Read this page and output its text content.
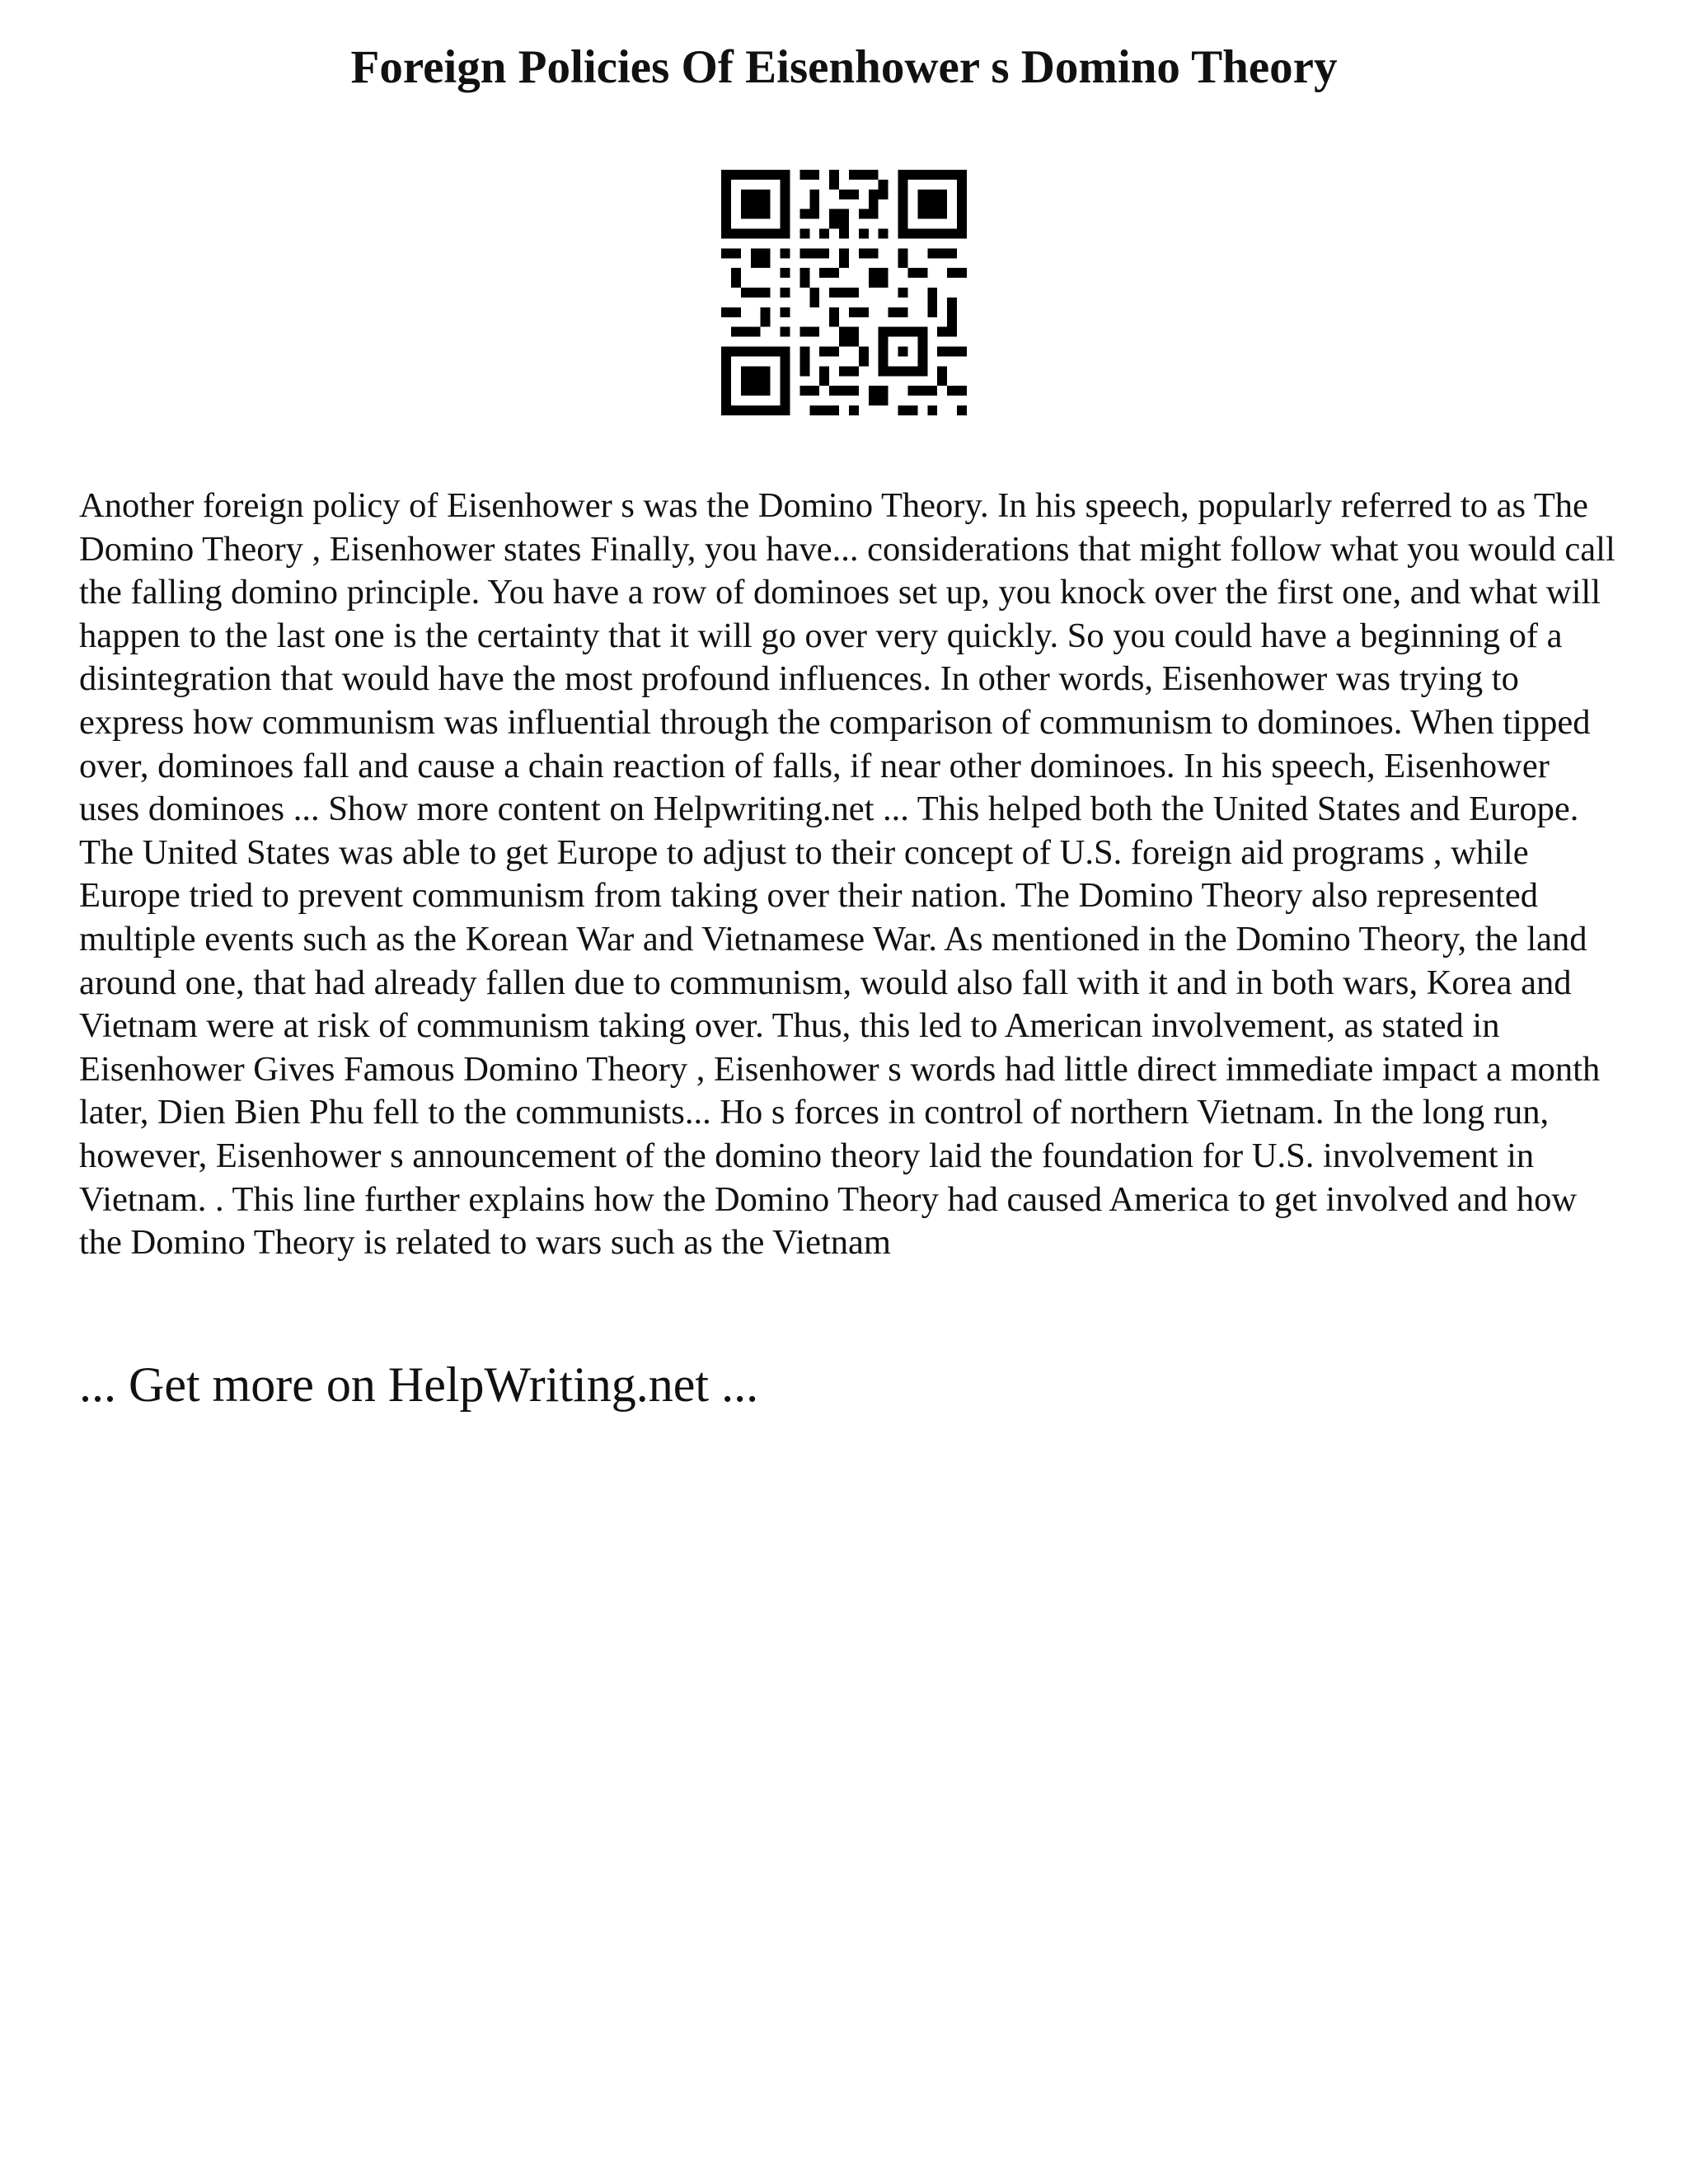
Foreign Policies Of Eisenhower s Domino Theory

Another foreign policy of Eisenhower s was the Domino Theory. In his speech, popularly referred to as The Domino Theory , Eisenhower states Finally, you have... considerations that might follow what you would call the falling domino principle. You have a row of dominoes set up, you knock over the first one, and what will happen to the last one is the certainty that it will go over very quickly. So you could have a beginning of a disintegration that would have the most profound influences. In other words, Eisenhower was trying to express how communism was influential through the comparison of communism to dominoes. When tipped over, dominoes fall and cause a chain reaction of falls, if near other dominoes. In his speech, Eisenhower uses dominoes ... Show more content on Helpwriting.net ... This helped both the United States and Europe. The United States was able to get Europe to adjust to their concept of U.S. foreign aid programs , while Europe tried to prevent communism from taking over their nation. The Domino Theory also represented multiple events such as the Korean War and Vietnamese War. As mentioned in the Domino Theory, the land around one, that had already fallen due to communism, would also fall with it and in both wars, Korea and Vietnam were at risk of communism taking over. Thus, this led to American involvement, as stated in Eisenhower Gives Famous Domino Theory , Eisenhower s words had little direct immediate impact a month later, Dien Bien Phu fell to the communists... Ho s forces in control of northern Vietnam. In the long run, however, Eisenhower s announcement of the domino theory laid the foundation for U.S. involvement in Vietnam. . This line further explains how the Domino Theory had caused America to get involved and how the Domino Theory is related to wars such as the Vietnam

... Get more on HelpWriting.net ...
